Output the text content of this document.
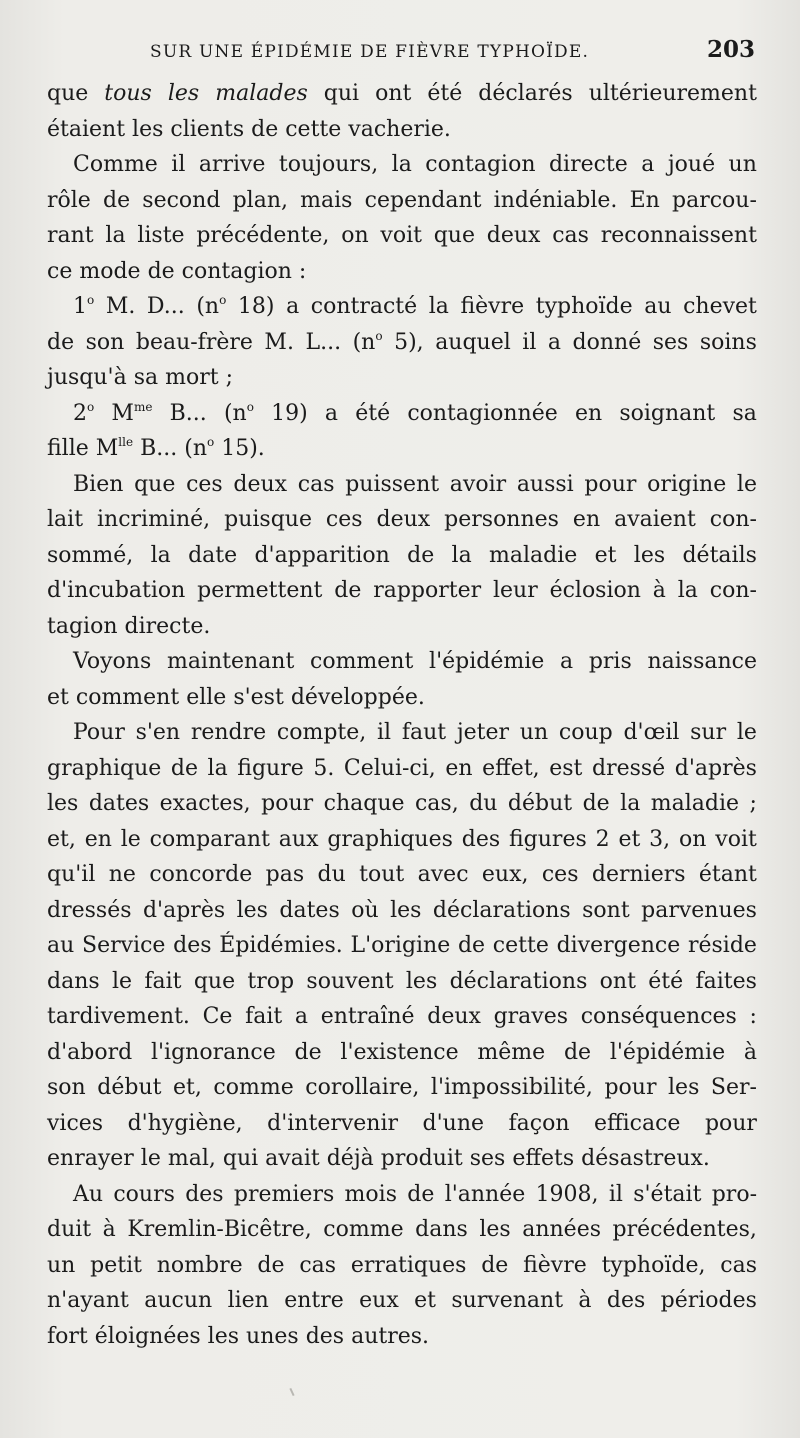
SUR UNE ÉPIDÉMIE DE FIÈVRE TYPHOÏDE.	203
que tous les malades qui ont été déclarés ultérieurement
étaient les clients de cette vacherie.
Comme il arrive toujours, la contagion directe a joué un
rôle de second plan, mais cependant indéniable. En parcou-
rant la liste précédente, on voit que deux cas reconnaissent
ce mode de contagion :
1$^o$ M. D... ($n^o$ 18) a contracté la fièvre typhoïde au chevet
de son beau-frère M. L... ($n^o$ 5), auquel il a donné ses soins
jusqu'à sa mort ;
2$^o$ $M^{me}$ B... ($n^o$ 19) a été contagionnée en soignant sa
fille $M^{lle}$ B... ($n^o$ 15).
Bien que ces deux cas puissent avoir aussi pour origine le
lait incriminé, puisque ces deux personnes en avaient con-
sommé, la date d'apparition de la maladie et les détails
d'incubation permettent de rapporter leur éclosion à la con-
tagion directe.
Voyons maintenant comment l'épidémie a pris naissance
et comment elle s'est développée.
Pour s'en rendre compte, il faut jeter un coup d'œil sur le
graphique de la figure 5. Celui-ci, en effet, est dressé d'après
les dates exactes, pour chaque cas, du début de la maladie ;
et, en le comparant aux graphiques des figures 2 et 3, on voit
qu'il ne concorde pas du tout avec eux, ces derniers étant
dressés d'après les dates où les déclarations sont parvenues
au Service des Épidémies. L'origine de cette divergence réside
dans le fait que trop souvent les déclarations ont été faites
tardivement. Ce fait a entraîné deux graves conséquences :
d'abord l'ignorance de l'existence même de l'épidémie à
son début et, comme corollaire, l'impossibilité, pour les Ser-
vices d'hygiène, d'intervenir d'une façon efficace pour
enrayer le mal, qui avait déjà produit ses effets désastreux.
Au cours des premiers mois de l'année 1908, il s'était pro-
duit à Kremlin-Bicêtre, comme dans les années précédentes,
un petit nombre de cas erratiques de fièvre typhoïde, cas
n'ayant aucun lien entre eux et survenant à des périodes
fort éloignées les unes des autres.
